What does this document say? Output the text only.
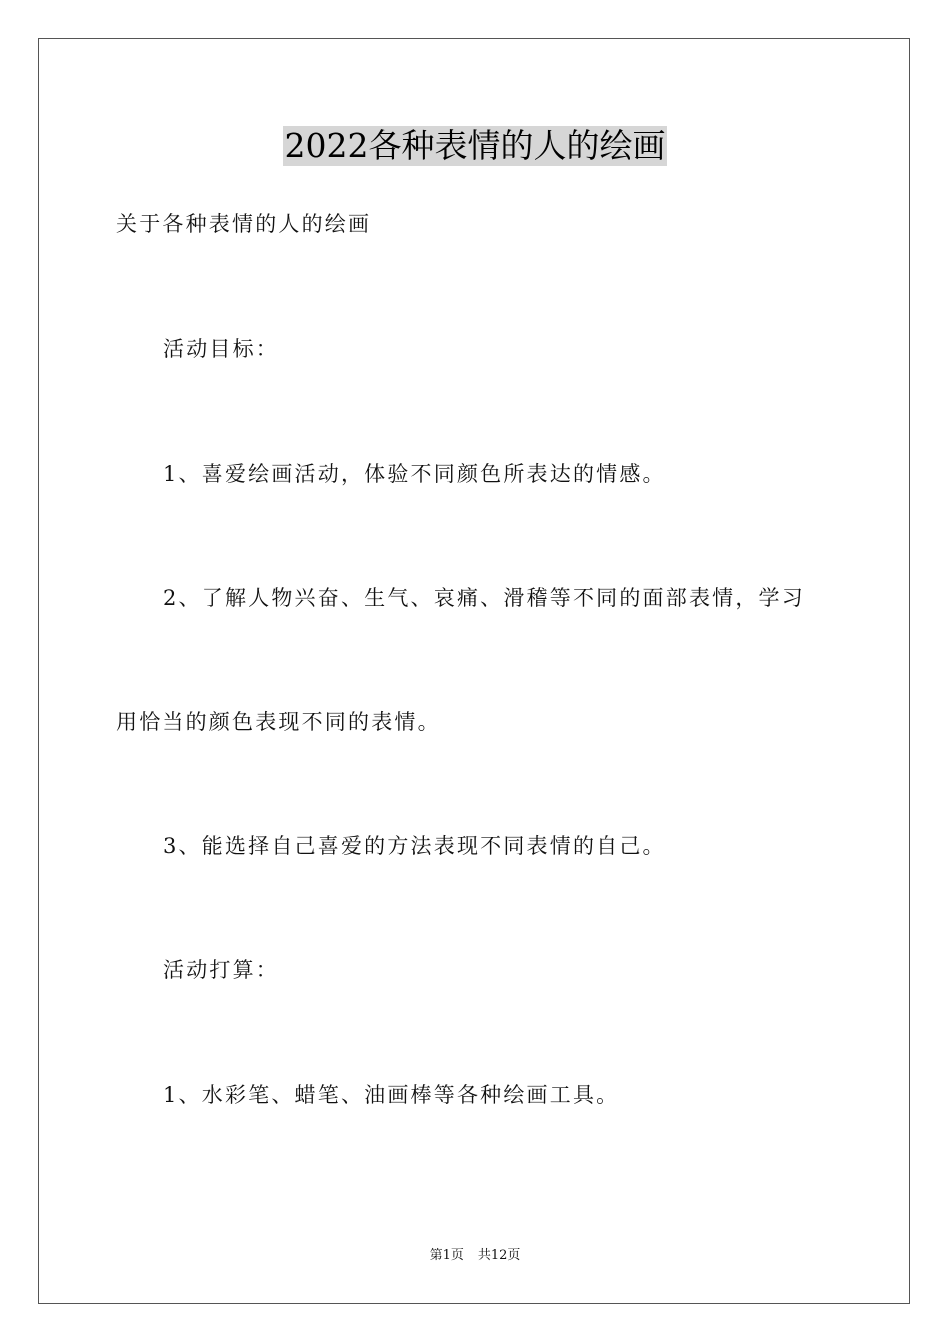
2022各种表情的人的绘画
关于各种表情的人的绘画
活动目标：
1、喜爱绘画活动，体验不同颜色所表达的情感。
2、了解人物兴奋、生气、哀痛、滑稽等不同的面部表情，学习
用恰当的颜色表现不同的表情。
3、能选择自己喜爱的方法表现不同表情的自己。
活动打算：
1、水彩笔、蜡笔、油画棒等各种绘画工具。
第1页 共12页
